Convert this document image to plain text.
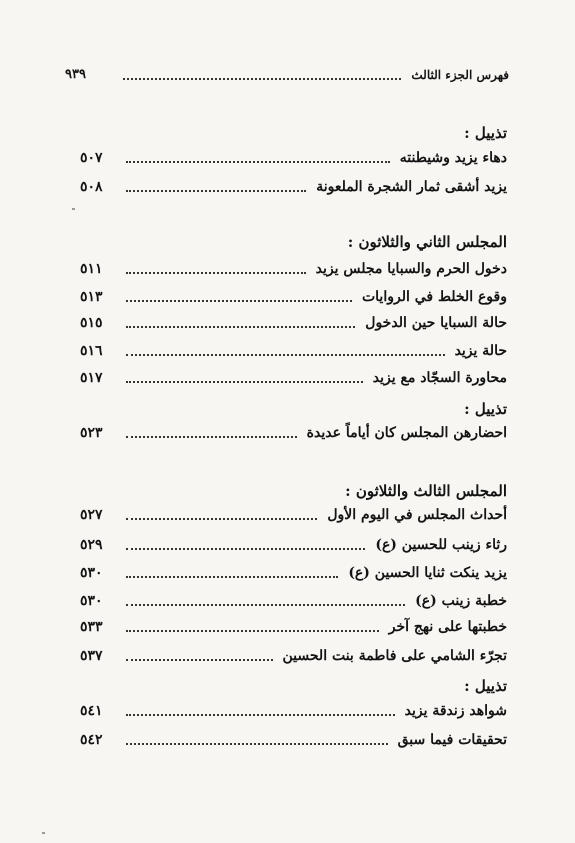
فهرس الجزء الثالث
٩٣٩
تذييل :
دهاء يزيد وشيطنته
٥٠٧
يزيد أشقى ثمار الشجرة الملعونة
٥٠٨
المجلس الثاني والثلاثون :
دخول الحرم والسبايا مجلس يزيد
٥١١
وقوع الخلط في الروايات
٥١٣
حالة السبايا حين الدخول
٥١٥
حالة يزيد
٥١٦
محاورة السجّاد مع يزيد
٥١٧
تذييل :
احضارهن المجلس كان أياماً عديدة
٥٢٣
المجلس الثالث والثلاثون :
أحداث المجلس في اليوم الأول
٥٢٧
رثاء زينب للحسين (ع)
٥٢٩
يزيد ينكت ثنايا الحسين (ع)
٥٣٠
خطبة زينب (ع)
٥٣٠
خطبتها على نهج آخر
٥٣٣
تجرّء الشامي على فاطمة بنت الحسين
٥٣٧
تذييل :
شواهد زندقة يزيد
٥٤١
تحقيقات فيما سبق
٥٤٢
